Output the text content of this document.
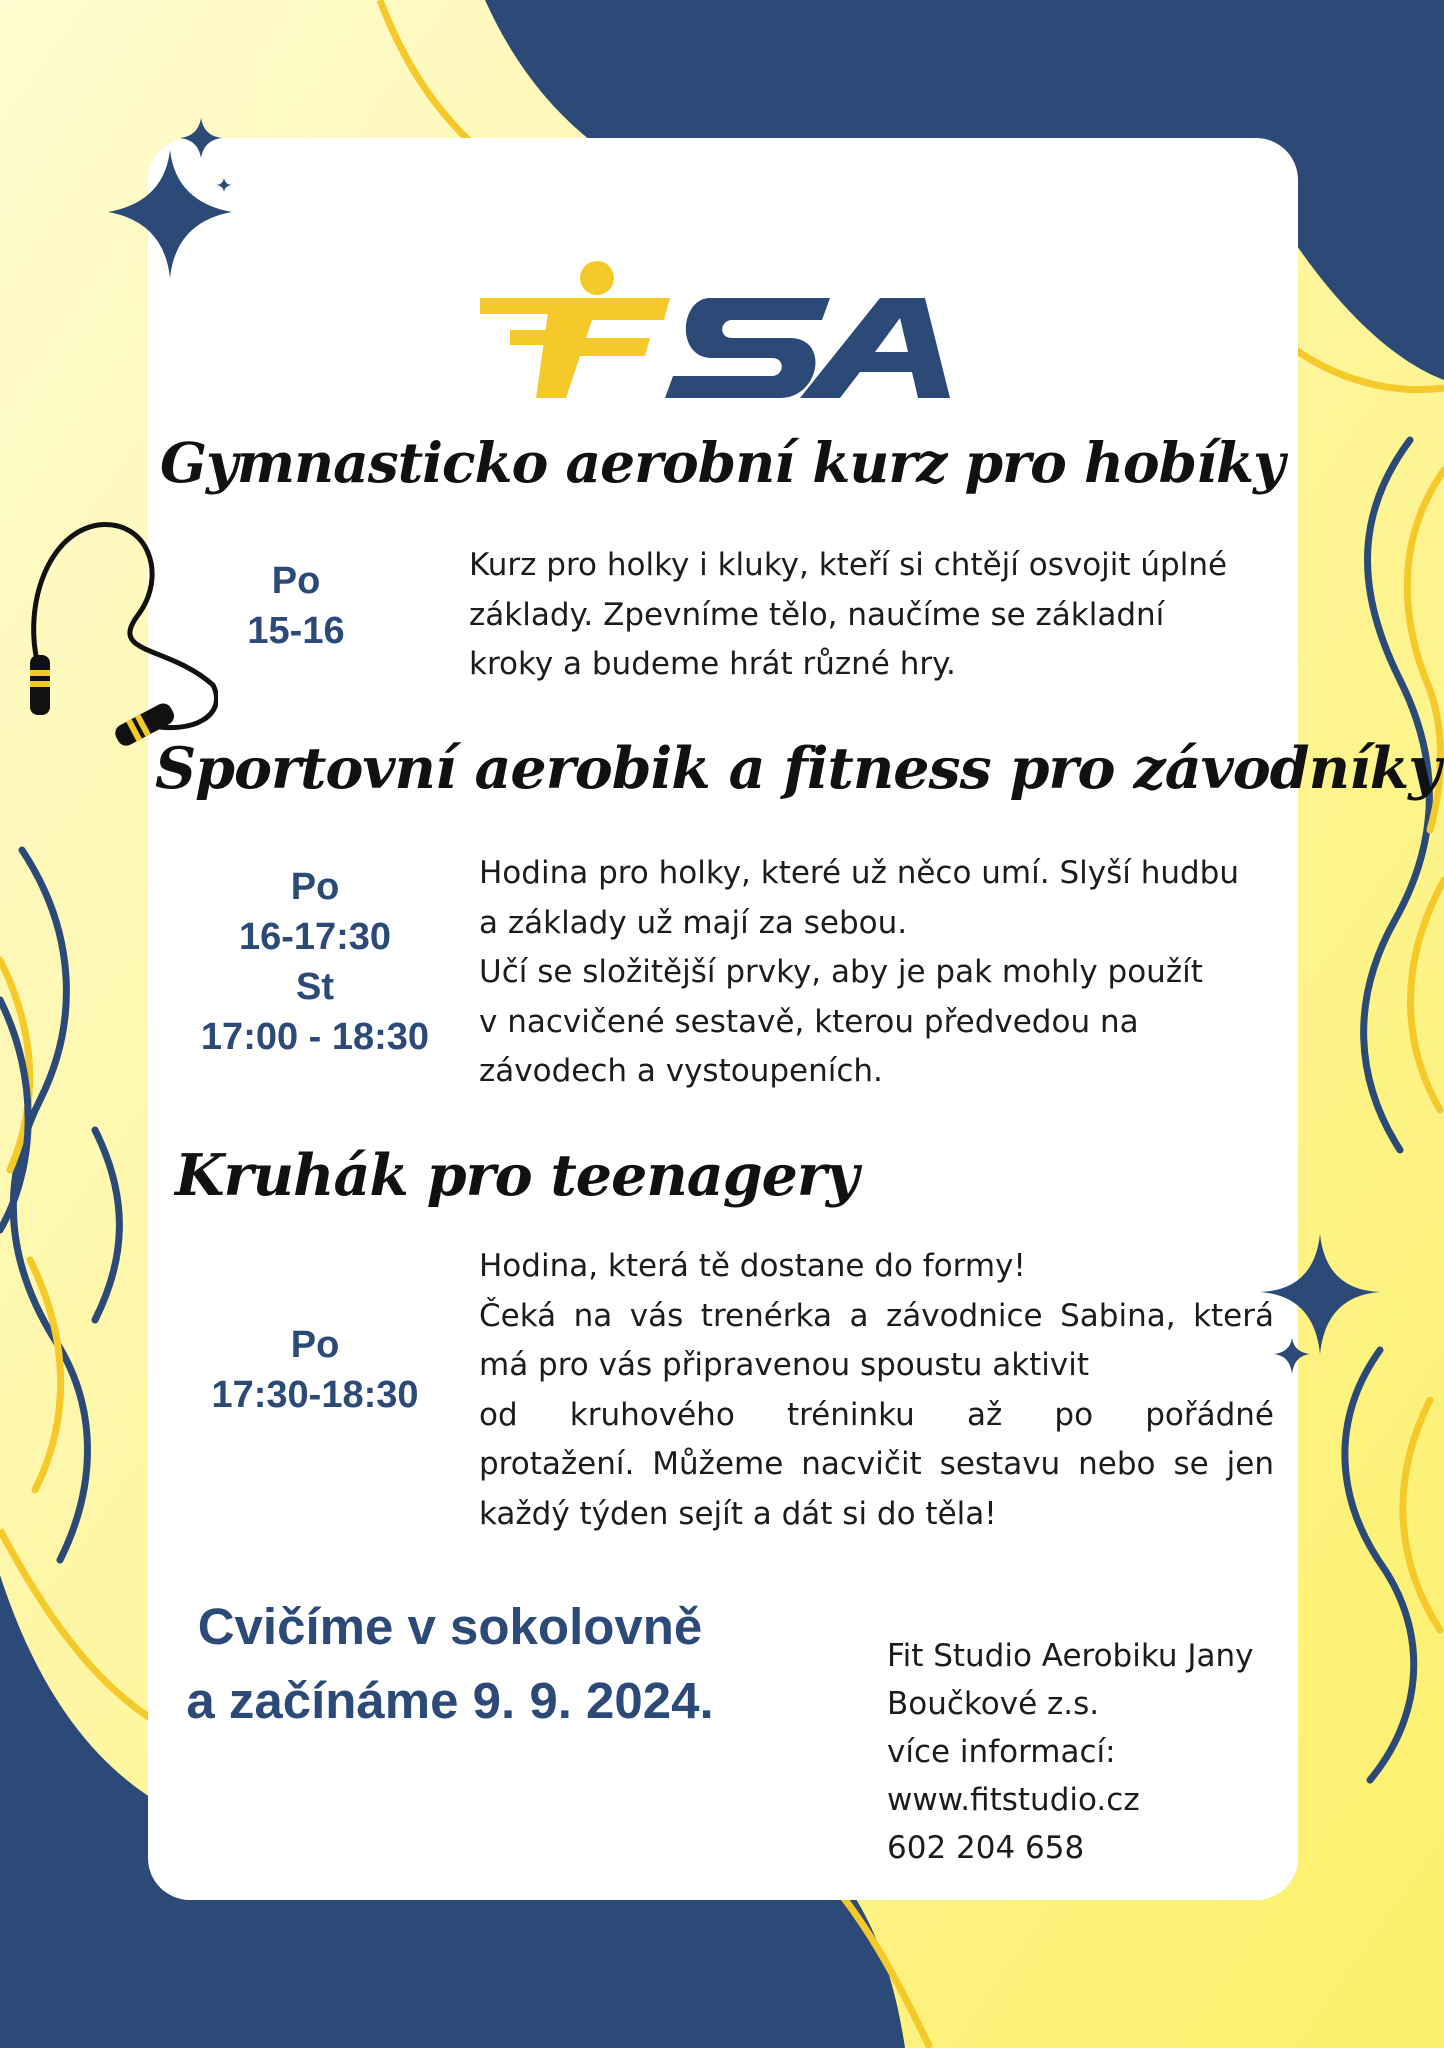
Gymnasticko aerobní kurz pro hobíky
Po
15-16
Kurz pro holky i kluky, kteří si chtějí osvojit úplné
základy. Zpevníme tělo, naučíme se základní
kroky a budeme hrát různé hry.
Sportovní aerobik a fitness pro závodníky
Po
16-17:30
St
17:00 - 18:30
Hodina pro holky, které už něco umí. Slyší hudbu
a základy už mají za sebou.
Učí se složitější prvky, aby je pak mohly použít
v nacvičené sestavě, kterou předvedou na
závodech a vystoupeních.
Kruhák pro teenagery
Po
17:30-18:30
Hodina, která tě dostane do formy!
Čeká na vás trenérka a závodnice Sabina, která
má pro vás připravenou spoustu aktivit
od kruhového tréninku až po pořádné
protažení. Můžeme nacvičit sestavu nebo se jen
každý týden sejít a dát si do těla!
Cvičíme v sokolovně
a začínáme 9. 9. 2024.
Fit Studio Aerobiku Jany
Boučkové z.s.
více informací:
www.fitstudio.cz
602 204 658
